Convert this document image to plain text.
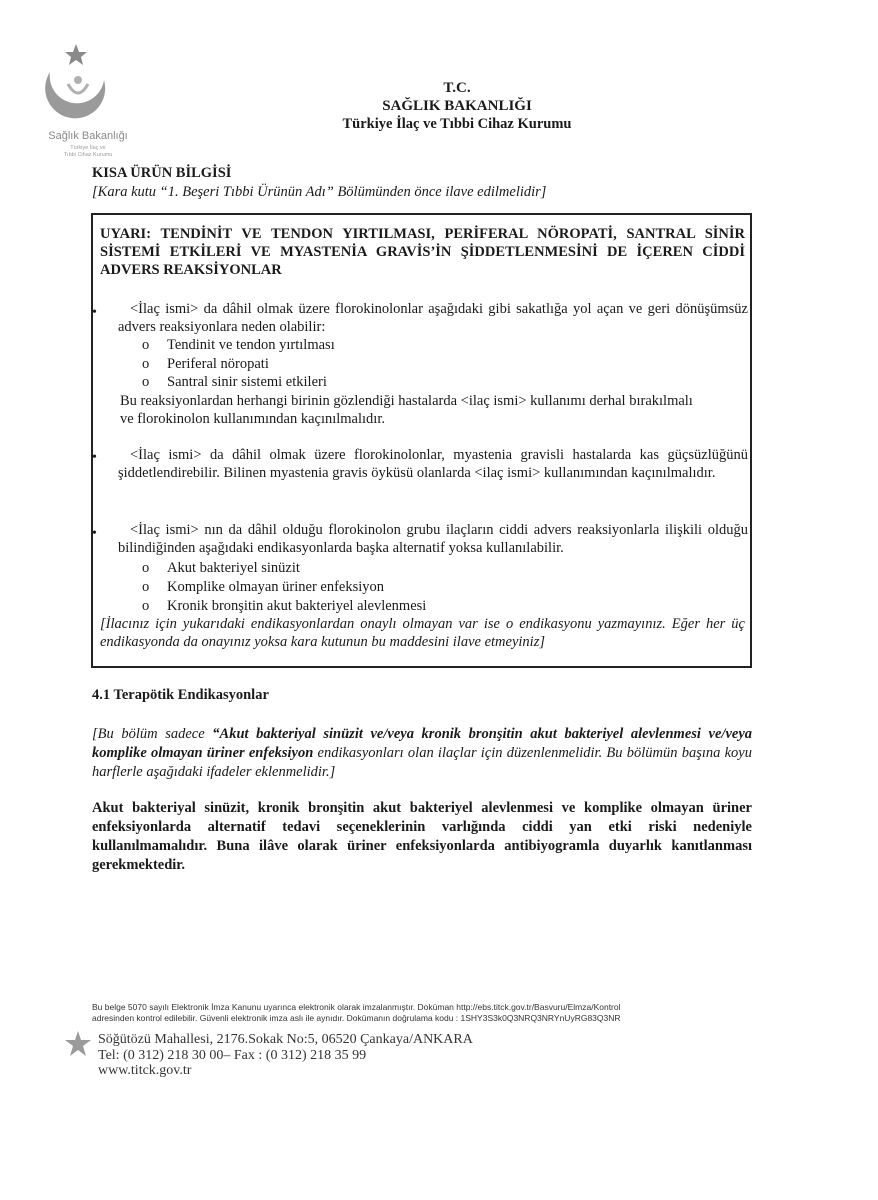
Sağlık Bakanlığı
Türkiye İlaç ve
Tıbbi Cihaz Kurumu
T.C.
SAĞLIK BAKANLIĞI
Türkiye İlaç ve Tıbbi Cihaz Kurumu
KISA ÜRÜN BİLGİSİ
[Kara kutu “1. Beşeri Tıbbi Ürünün Adı” Bölümünden önce ilave edilmelidir]
UYARI: TENDİNİT VE TENDON YIRTILMASI, PERİFERAL NÖROPATİ, SANTRAL SİNİR SİSTEMİ ETKİLERİ VE MYASTENİA GRAVİS’İN ŞİDDETLENMESİNİ DE İÇEREN CİDDİ ADVERS REAKSİYONLAR
•	<İlaç ismi> da dâhil olmak üzere florokinolonlar aşağıdaki gibi sakatlığa yol açan ve geri dönüşümsüz advers reaksiyonlara neden olabilir:
o Tendinit ve tendon yırtılması
o Periferal nöropati
o Santral sinir sistemi etkileri
Bu reaksiyonlardan herhangi birinin gözlendiği hastalarda <ilaç ismi> kullanımı derhal bırakılmalı ve florokinolon kullanımından kaçınılmalıdır.
•	<İlaç ismi> da dâhil olmak üzere florokinolonlar, myastenia gravisli hastalarda kas güçsüzlüğünü şiddetlendirebilir. Bilinen myastenia gravis öyküsü olanlarda <ilaç ismi> kullanımından kaçınılmalıdır.
•	<İlaç ismi> nın da dâhil olduğu florokinolon grubu ilaçların ciddi advers reaksiyonlarla ilişkili olduğu bilindiğinden aşağıdaki endikasyonlarda başka alternatif yoksa kullanılabilir.
o Akut bakteriyel sinüzit
o Komplike olmayan üriner enfeksiyon
o Kronik bronşitin akut bakteriyel alevlenmesi
[İlacınız için yukarıdaki endikasyonlardan onaylı olmayan var ise o endikasyonu yazmayınız. Eğer her üç endikasyonda da onayınız yoksa kara kutunun bu maddesini ilave etmeyiniz]
4.1 Terapötik Endikasyonlar
[Bu bölüm sadece “Akut bakteriyal sinüzit ve/veya kronik bronşitin akut bakteriyel alevlenmesi ve/veya komplike olmayan üriner enfeksiyon endikasyonları olan ilaçlar için düzenlenmelidir. Bu bölümün başına koyu harflerle aşağıdaki ifadeler eklenmelidir.]
Akut bakteriyal sinüzit, kronik bronşitin akut bakteriyel alevlenmesi ve komplike olmayan üriner enfeksiyonlarda alternatif tedavi seçeneklerinin varlığında ciddi yan etki riski nedeniyle kullanılmamalıdır. Buna ilâve olarak üriner enfeksiyonlarda antibiyogramla duyarlık kanıtlanması gerekmektedir.
Bu belge 5070 sayılı Elektronik İmza Kanunu uyarınca elektronik olarak imzalanmıştır. Doküman http://ebs.titck.gov.tr/Basvuru/Elmza/Kontrol
adresinden kontrol edilebilir. Güvenli elektronik imza aslı ile aynıdır. Dokümanın doğrulama kodu : 1SHY3S3k0Q3NRQ3NRYnUyRG83Q3NR
Söğütözü Mahallesi, 2176.Sokak No:5, 06520 Çankaya/ANKARA
Tel: (0 312) 218 30 00– Fax : (0 312) 218 35 99
www.titck.gov.tr
